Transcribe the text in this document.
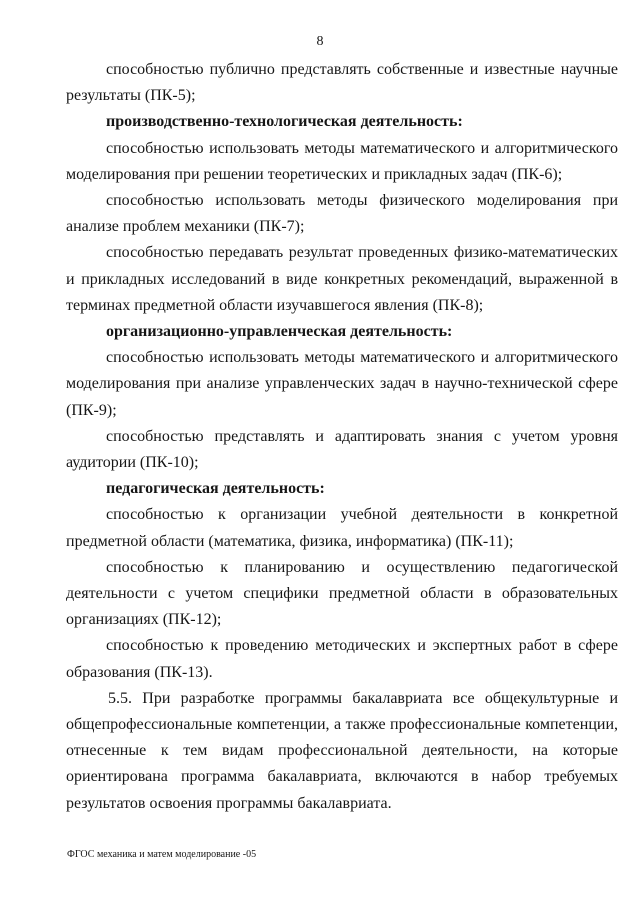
8

способностью публично представлять собственные и известные научные результаты (ПК-5);

производственно-технологическая деятельность:

способностью использовать методы математического и алгоритмического моделирования при решении теоретических и прикладных задач (ПК-6);

способностью использовать методы физического моделирования при анализе проблем механики (ПК-7);

способностью передавать результат проведенных физико-математических и прикладных исследований в виде конкретных рекомендаций, выраженной в терминах предметной области изучавшегося явления (ПК-8);

организационно-управленческая деятельность:

способностью использовать методы математического и алгоритмического моделирования при анализе управленческих задач в научно-технической сфере (ПК-9);

способностью представлять и адаптировать знания с учетом уровня аудитории (ПК-10);

педагогическая деятельность:

способностью к организации учебной деятельности в конкретной предметной области (математика, физика, информатика) (ПК-11);

способностью к планированию и осуществлению педагогической деятельности с учетом специфики предметной области в образовательных организациях (ПК-12);

способностью к проведению методических и экспертных работ в сфере образования (ПК-13).

5.5. При разработке программы бакалавриата все общекультурные и общепрофессиональные компетенции, а также профессиональные компетенции, отнесенные к тем видам профессиональной деятельности, на которые ориентирована программа бакалавриата, включаются в набор требуемых результатов освоения программы бакалавриата.

ФГОС механика и матем моделирование -05
